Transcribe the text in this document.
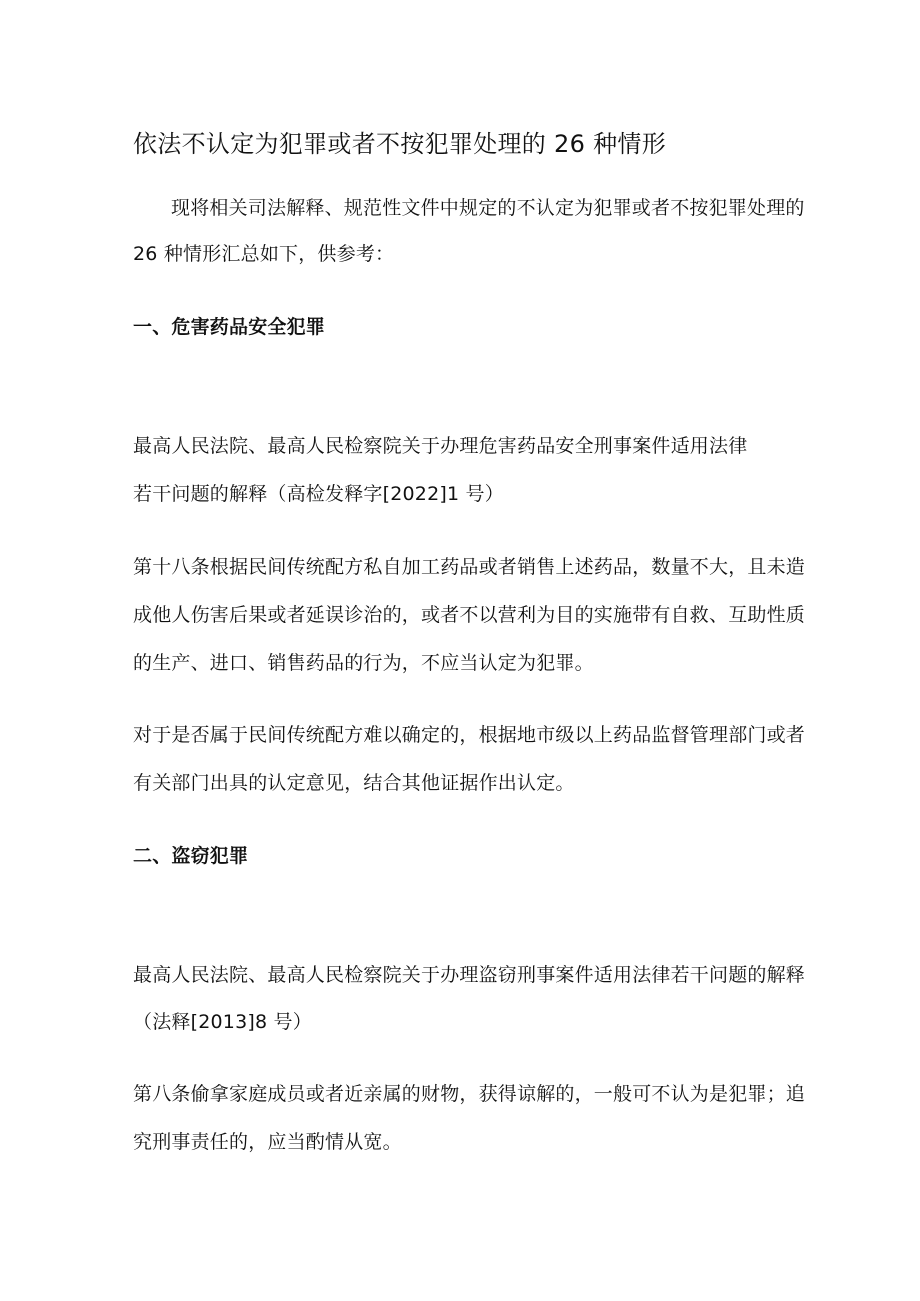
依法不认定为犯罪或者不按犯罪处理的 26 种情形
现将相关司法解释、规范性文件中规定的不认定为犯罪或者不按犯罪处理的
26 种情形汇总如下，供参考：
一、危害药品安全犯罪
最高人民法院、最高人民检察院关于办理危害药品安全刑事案件适用法律
若干问题的解释（高检发释字[2022]1 号）
第十八条根据民间传统配方私自加工药品或者销售上述药品，数量不大，且未造
成他人伤害后果或者延误诊治的，或者不以营利为目的实施带有自救、互助性质
的生产、进口、销售药品的行为，不应当认定为犯罪。
对于是否属于民间传统配方难以确定的，根据地市级以上药品监督管理部门或者
有关部门出具的认定意见，结合其他证据作出认定。
二、盗窃犯罪
最高人民法院、最高人民检察院关于办理盗窃刑事案件适用法律若干问题的解释
（法释[2013]8 号）
第八条偷拿家庭成员或者近亲属的财物，获得谅解的，一般可不认为是犯罪；追
究刑事责任的，应当酌情从宽。
